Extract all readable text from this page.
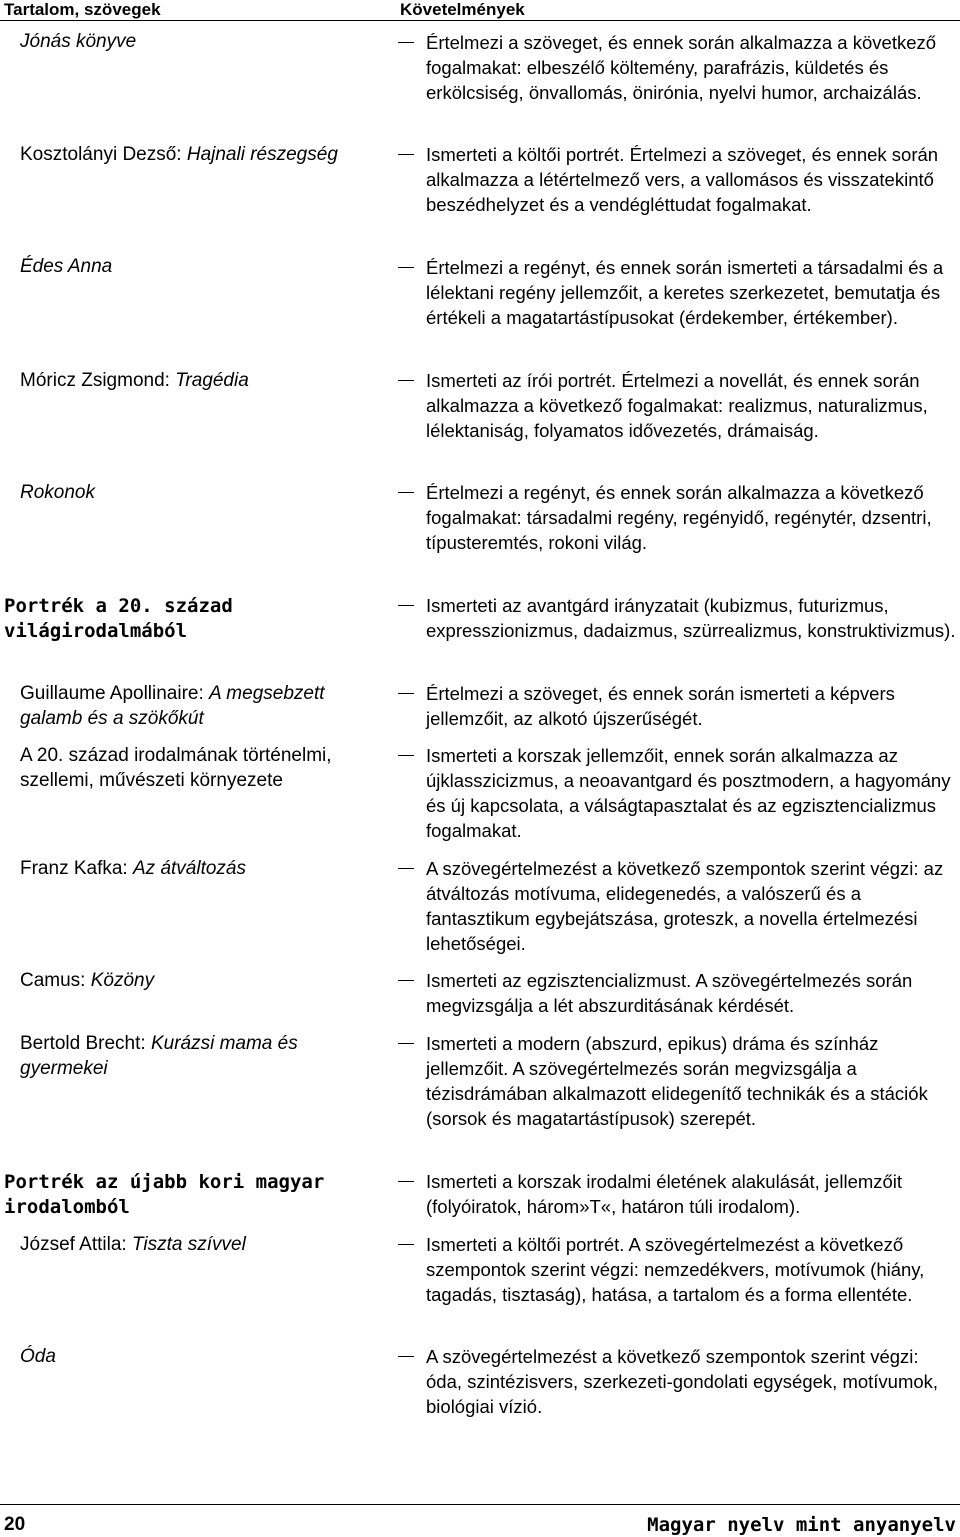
Tartalom, szövegek	Követelmények
Jónás könyve
Kosztolányi Dezső: Hajnali részegség
Édes Anna
Móricz Zsigmond: Tragédia
Rokonok
Portrék a 20. század világirodalmából
Guillaume Apollinaire: A megsebzett galamb és a szökőkút
A 20. század irodalmának történelmi, szellemi, művészeti környezete
Franz Kafka: Az átváltozás
Camus: Közöny
Bertold Brecht: Kurázsi mama és gyermekei
Portrék az újabb kori magyar irodalomból
József Attila: Tiszta szívvel
Óda
Értelmezi a szöveget, és ennek során alkalmazza a következő fogalmakat: elbeszélő költemény, parafrázis, küldetés és erkölcsiség, önvallomás, önirónia, nyelvi humor, archaizálás.
Ismerteti a költői portrét. Értelmezi a szöveget, és ennek során alkalmazza a létértelmező vers, a vallomásos és visszatekintő beszédhelyzet és a vendégléttudat fogalmakat.
Értelmezi a regényt, és ennek során ismerteti a társadalmi és a lélektani regény jellemzőit, a keretes szerkezetet, bemutatja és értékeli a magatartástípusokat (érdekember, értékember).
Ismerteti az írói portrét. Értelmezi a novellát, és ennek során alkalmazza a következő fogalmakat: realizmus, naturalizmus, lélektaniság, folyamatos idővezetés, drámaiság.
Értelmezi a regényt, és ennek során alkalmazza a következő fogalmakat: társadalmi regény, regényidő, regénytér, dzsentri, típusteremtés, rokoni világ.
Ismerteti az avantgárd irányzatait (kubizmus, futurizmus, expresszionizmus, dadaizmus, szürrealizmus, konstruktivizmus).
Értelmezi a szöveget, és ennek során ismerteti a képvers jellemzőit, az alkotó újszerűségét.
Ismerteti a korszak jellemzőit, ennek során alkalmazza az újklasszicizmus, a neoavantgard és posztmodern, a hagyomány és új kapcsolata, a válságtapasztalat és az egzisztencializmus fogalmakat.
A szövegértelmezést a következő szempontok szerint végzi: az átváltozás motívuma, elidegenedés, a valószerű és a fantasztikum egybejátszása, groteszk, a novella értelmezési lehetőségei.
Ismerteti az egzisztencializmust. A szövegértelmezés során megvizsgálja a lét abszurditásának kérdését.
Ismerteti a modern (abszurd, epikus) dráma és színház jellemzőit. A szövegértelmezés során megvizsgálja a tézisdrámában alkalmazott elidegenítő technikák és a stációk (sorsok és magatartástípusok) szerepét.
Ismerteti a korszak irodalmi életének alakulását, jellemzőit (folyóiratok, három»T«, határon túli irodalom).
Ismerteti a költői portrét. A szövegértelmezést a következő szempontok szerint végzi: nemzedékvers, motívumok (hiány, tagadás, tisztaság), hatása, a tartalom és a forma ellentéte.
A szövegértelmezést a következő szempontok szerint végzi: óda, szintézisvers, szerkezeti-gondolati egységek, motívumok, biológiai vízió.
20	Magyar nyelv mint anyanyelv
